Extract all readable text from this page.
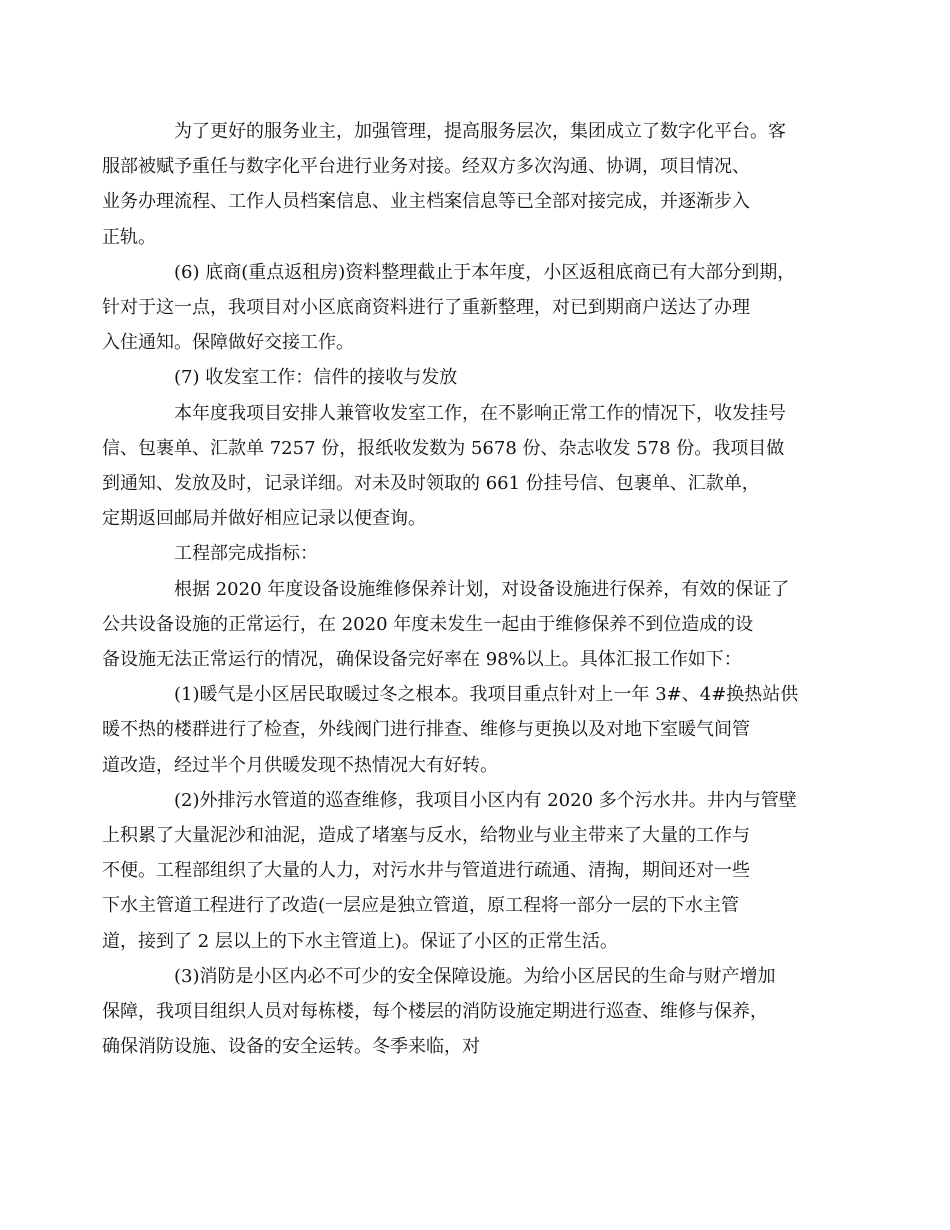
为了更好的服务业主，加强管理，提高服务层次，集团成立了数字化平台。客
服部被赋予重任与数字化平台进行业务对接。经双方多次沟通、协调，项目情况、
业务办理流程、工作人员档案信息、业主档案信息等已全部对接完成，并逐渐步入
正轨。

(6) 底商(重点返租房)资料整理截止于本年度，小区返租底商已有大部分到期，
针对于这一点，我项目对小区底商资料进行了重新整理，对已到期商户送达了办理
入住通知。保障做好交接工作。

(7) 收发室工作：信件的接收与发放

本年度我项目安排人兼管收发室工作，在不影响正常工作的情况下，收发挂号
信、包裹单、汇款单 7257 份，报纸收发数为 5678 份、杂志收发 578 份。我项目做
到通知、发放及时，记录详细。对未及时领取的 661 份挂号信、包裹单、汇款单，
定期返回邮局并做好相应记录以便查询。

工程部完成指标：

根据 2020 年度设备设施维修保养计划，对设备设施进行保养，有效的保证了
公共设备设施的正常运行，在 2020 年度未发生一起由于维修保养不到位造成的设
备设施无法正常运行的情况，确保设备完好率在 98%以上。具体汇报工作如下：

(1)暖气是小区居民取暖过冬之根本。我项目重点针对上一年 3#、4#换热站供
暖不热的楼群进行了检查，外线阀门进行排查、维修与更换以及对地下室暖气间管
道改造，经过半个月供暖发现不热情况大有好转。

(2)外排污水管道的巡查维修，我项目小区内有 2020 多个污水井。井内与管壁
上积累了大量泥沙和油泥，造成了堵塞与反水，给物业与业主带来了大量的工作与
不便。工程部组织了大量的人力，对污水井与管道进行疏通、清掏，期间还对一些
下水主管道工程进行了改造(一层应是独立管道，原工程将一部分一层的下水主管
道，接到了 2 层以上的下水主管道上)。保证了小区的正常生活。

(3)消防是小区内必不可少的安全保障设施。为给小区居民的生命与财产增加
保障，我项目组织人员对每栋楼，每个楼层的消防设施定期进行巡查、维修与保养，
确保消防设施、设备的安全运转。冬季来临，对
